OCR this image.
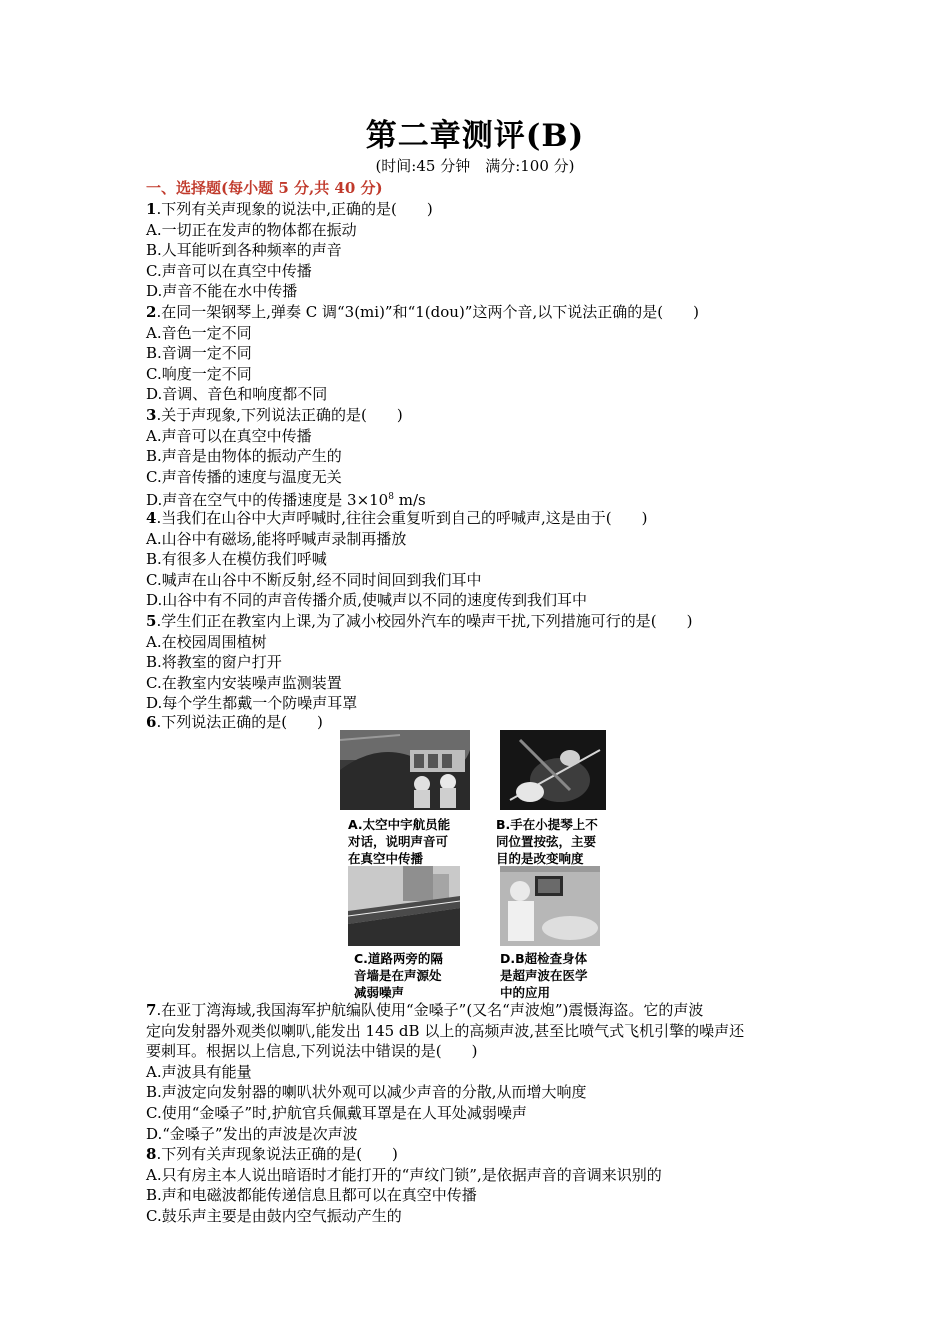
第二章测评(B)
(时间:45 分钟　满分:100 分)
一、选择题(每小题 5 分,共 40 分)
1.下列有关声现象的说法中,正确的是(　　)
A.一切正在发声的物体都在振动
B.人耳能听到各种频率的声音
C.声音可以在真空中传播
D.声音不能在水中传播
2.在同一架钢琴上,弹奏 C 调“3(mi)”和“1(dou)”这两个音,以下说法正确的是(　　)
A.音色一定不同
B.音调一定不同
C.响度一定不同
D.音调、音色和响度都不同
3.关于声现象,下列说法正确的是(　　)
A.声音可以在真空中传播
B.声音是由物体的振动产生的
C.声音传播的速度与温度无关
D.声音在空气中的传播速度是 $3\times 10^8$ m/s
4.当我们在山谷中大声呼喊时,往往会重复听到自己的呼喊声,这是由于(　　)
A.山谷中有磁场,能将呼喊声录制再播放
B.有很多人在模仿我们呼喊
C.喊声在山谷中不断反射,经不同时间回到我们耳中
D.山谷中有不同的声音传播介质,使喊声以不同的速度传到我们耳中
5.学生们正在教室内上课,为了减小校园外汽车的噪声干扰,下列措施可行的是(　　)
A.在校园周围植树
B.将教室的窗户打开
C.在教室内安装噪声监测装置
D.每个学生都戴一个防噪声耳罩
6.下列说法正确的是(　　)
A.太空中宇航员能
对话，说明声音可
在真空中传播
B.手在小提琴上不
同位置按弦，主要
目的是改变响度
C.道路两旁的隔
音墙是在声源处
减弱噪声
D.B超检查身体
是超声波在医学
中的应用
7.在亚丁湾海域,我国海军护航编队使用“金嗓子”(又名“声波炮”)震慑海盗。它的声波
定向发射器外观类似喇叭,能发出 145 dB 以上的高频声波,甚至比喷气式飞机引擎的噪声还
要刺耳。根据以上信息,下列说法中错误的是(　　)
A.声波具有能量
B.声波定向发射器的喇叭状外观可以减少声音的分散,从而增大响度
C.使用“金嗓子”时,护航官兵佩戴耳罩是在人耳处减弱噪声
D.“金嗓子”发出的声波是次声波
8.下列有关声现象说法正确的是(　　)
A.只有房主本人说出暗语时才能打开的“声纹门锁”,是依据声音的音调来识别的
B.声和电磁波都能传递信息且都可以在真空中传播
C.鼓乐声主要是由鼓内空气振动产生的
